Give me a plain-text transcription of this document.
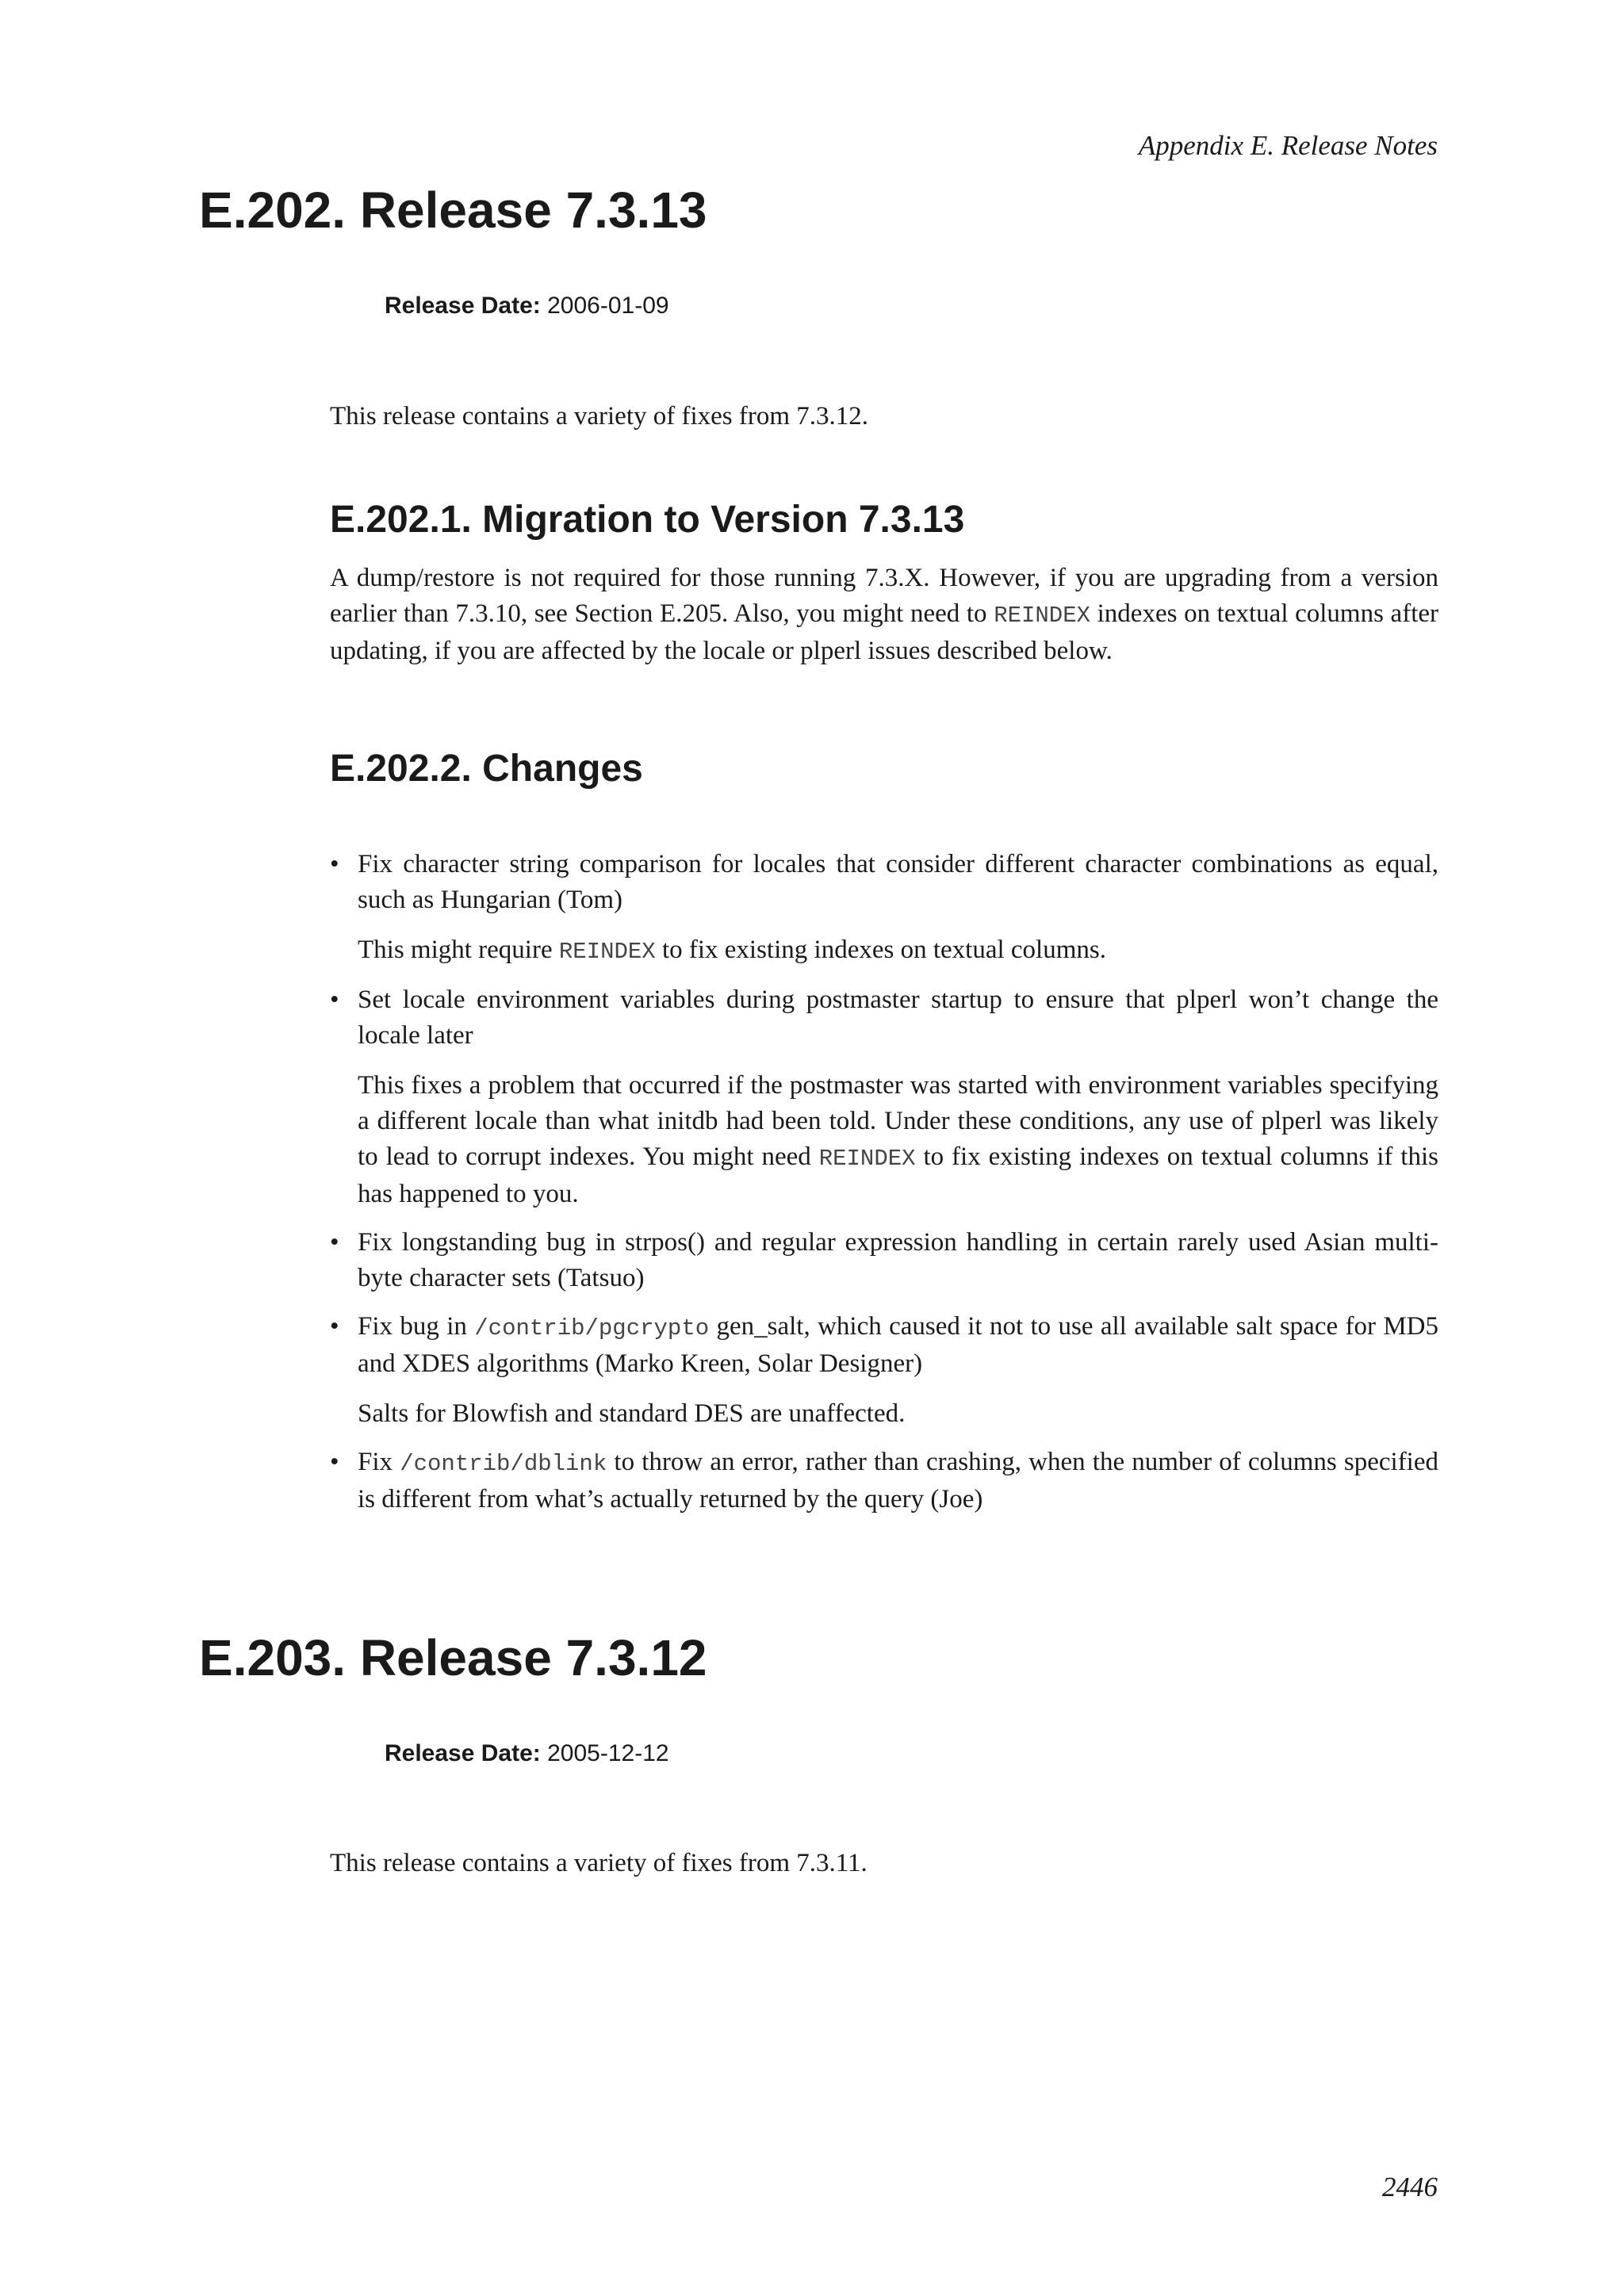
Appendix E. Release Notes
E.202. Release 7.3.13
Release Date: 2006-01-09

This release contains a variety of fixes from 7.3.12.

E.202.1. Migration to Version 7.3.13

A dump/restore is not required for those running 7.3.X. However, if you are upgrading from a version earlier than 7.3.10, see Section E.205. Also, you might need to REINDEX indexes on textual columns after updating, if you are affected by the locale or plperl issues described below.

E.202.2. Changes
• Fix character string comparison for locales that consider different character combinations as equal, such as Hungarian (Tom)

This might require REINDEX to fix existing indexes on textual columns.

• Set locale environment variables during postmaster startup to ensure that plperl won’t change the locale later

This fixes a problem that occurred if the postmaster was started with environment variables specifying a different locale than what initdb had been told. Under these conditions, any use of plperl was likely to lead to corrupt indexes. You might need REINDEX to fix existing indexes on textual columns if this has happened to you.

• Fix longstanding bug in strpos() and regular expression handling in certain rarely used Asian multi-byte character sets (Tatsuo)

• Fix bug in /contrib/pgcrypto gen_salt, which caused it not to use all available salt space for MD5 and XDES algorithms (Marko Kreen, Solar Designer)

Salts for Blowfish and standard DES are unaffected.

• Fix /contrib/dblink to throw an error, rather than crashing, when the number of columns specified is different from what’s actually returned by the query (Joe)

E.203. Release 7.3.12
Release Date: 2005-12-12

This release contains a variety of fixes from 7.3.11.

2446
